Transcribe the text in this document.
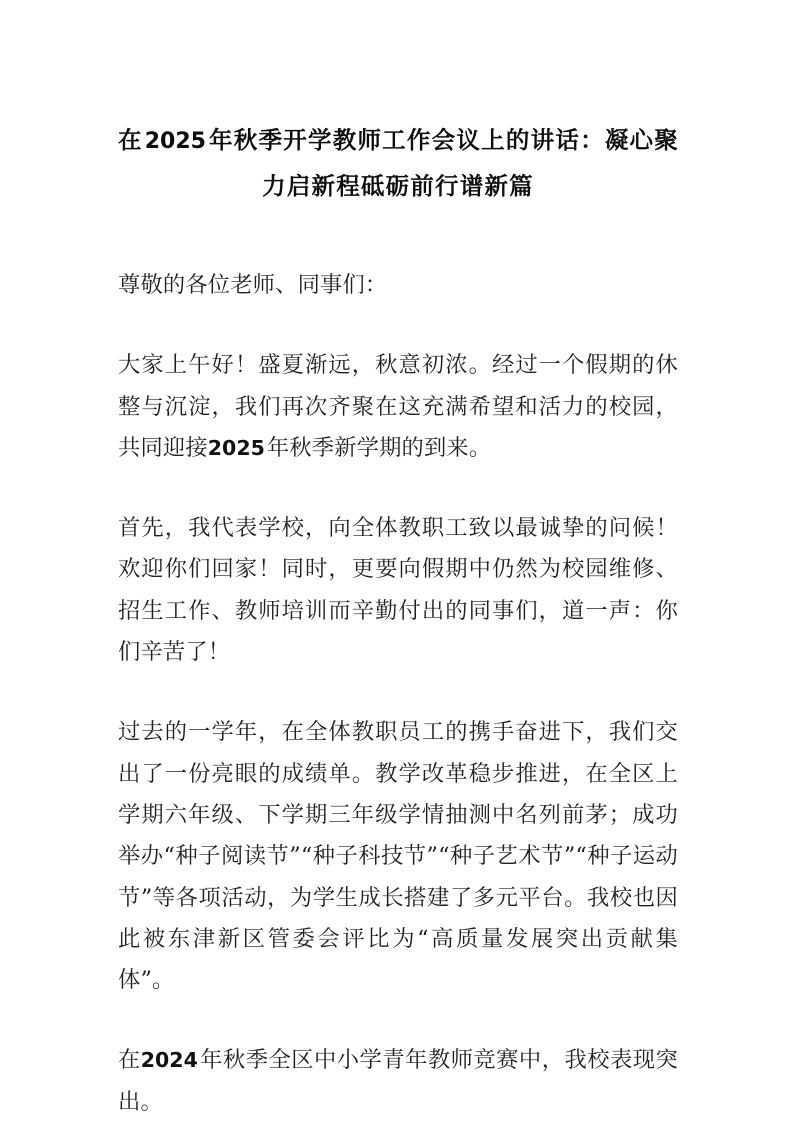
在2025年秋季开学教师工作会议上的讲话：凝心聚
力启新程砥砺前行谱新篇

尊敬的各位老师、同事们：

大家上午好！盛夏渐远，秋意初浓。经过一个假期的休整与沉淀，我们再次齐聚在这充满希望和活力的校园，共同迎接2025年秋季新学期的到来。

首先，我代表学校，向全体教职工致以最诚挚的问候！欢迎你们回家！同时，更要向假期中仍然为校园维修、招生工作、教师培训而辛勤付出的同事们，道一声：你们辛苦了！

过去的一学年，在全体教职员工的携手奋进下，我们交出了一份亮眼的成绩单。教学改革稳步推进，在全区上学期六年级、下学期三年级学情抽测中名列前茅；成功举办“种子阅读节”“种子科技节”“种子艺术节”“种子运动节”等各项活动，为学生成长搭建了多元平台。我校也因此被东津新区管委会评比为“高质量发展突出贡献集体”。

在2024年秋季全区中小学青年教师竞赛中，我校表现突出。
